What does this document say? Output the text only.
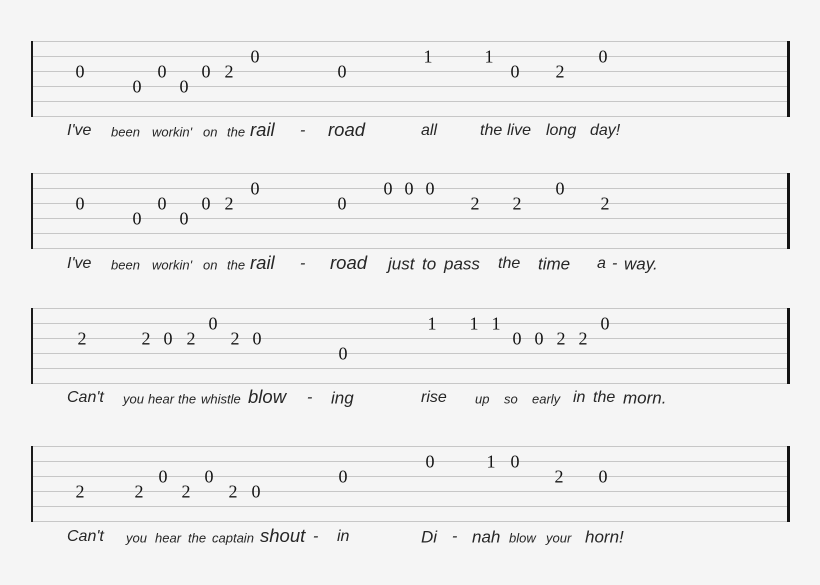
0
0
0
0
0 2
0
0
1	1
0 2
0
I've been workin' on the rail - road	all	the live long day!
0
0
0
0
0 2
0
0
0 0 0
2 2
0
2
I've been workin' on the rail - road just to pass the time a - way.
2	2 0 2
0
2 0
0
1 1 1
0 0 2 2
0
Can't you hear the whistle blow - ing	rise up so early in the morn.
2	2
0
2
0
2 0
0
0	1 0
2 0
Can't you hear the captain shout - in	Di - nah blow your horn!
